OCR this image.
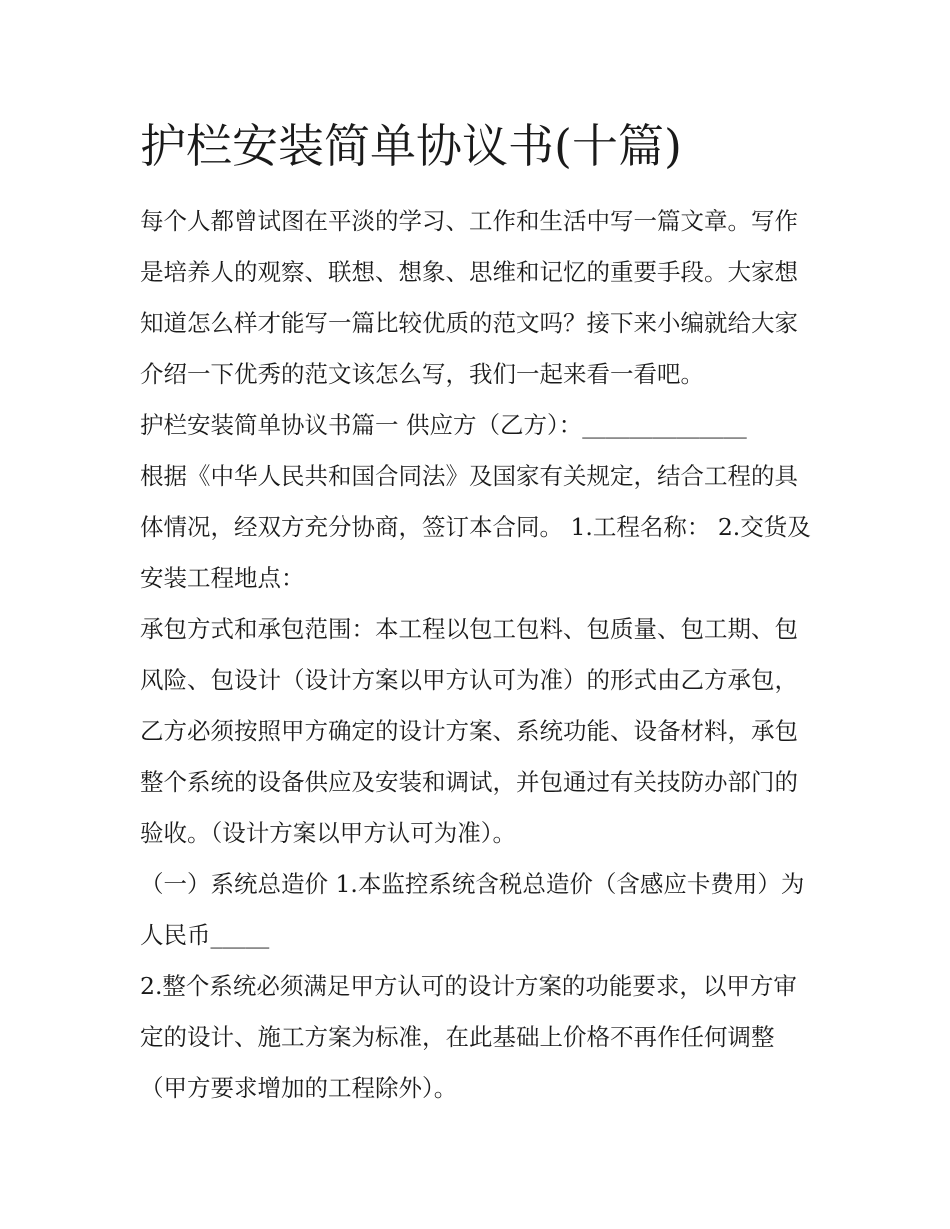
护栏安装简单协议书(十篇)

每个人都曾试图在平淡的学习、工作和生活中写一篇文章。写作是培养人的观察、联想、想象、思维和记忆的重要手段。大家想知道怎么样才能写一篇比较优质的范文吗？接下来小编就给大家介绍一下优秀的范文该怎么写，我们一起来看一看吧。

护栏安装简单协议书篇一 供应方（乙方）：______________

根据《中华人民共和国合同法》及国家有关规定，结合工程的具体情况，经双方充分协商，签订本合同。 1.工程名称： 2.交货及安装工程地点：

承包方式和承包范围：本工程以包工包料、包质量、包工期、包风险、包设计（设计方案以甲方认可为准）的形式由乙方承包，乙方必须按照甲方确定的设计方案、系统功能、设备材料，承包整个系统的设备供应及安装和调试，并包通过有关技防办部门的验收。（设计方案以甲方认可为准）。

（一）系统总造价 1.本监控系统含税总造价（含感应卡费用）为人民币_____

2.整个系统必须满足甲方认可的设计方案的功能要求，以甲方审定的设计、施工方案为标准，在此基础上价格不再作任何调整（甲方要求增加的工程除外）。
